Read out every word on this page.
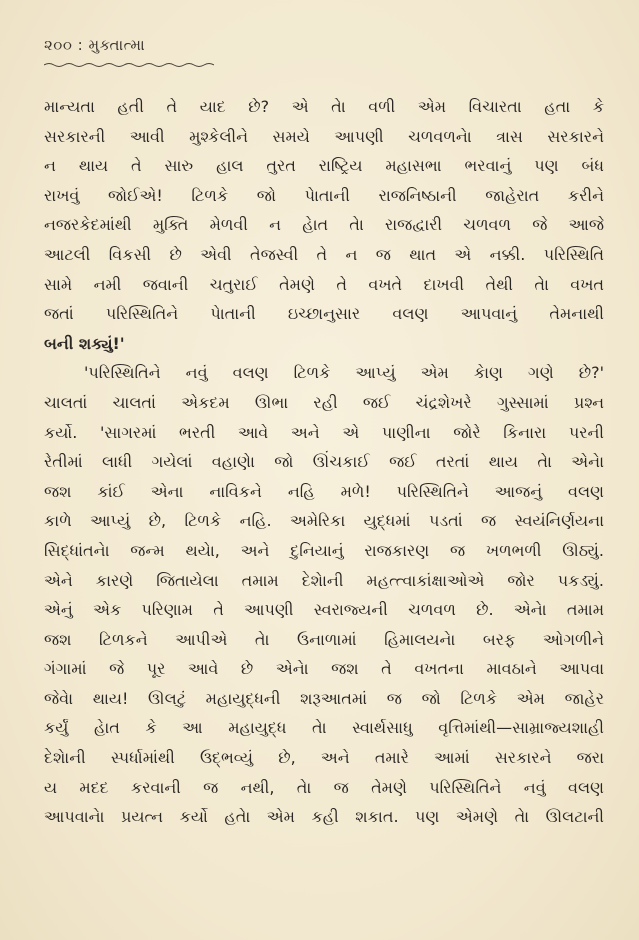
૨૦૦ : મુક્તાત્મા
માન્યતા હતી તે યાદ છે? એ તેા વળી એમ વિચારતા હતા કે
સરકારની આવી મુશ્કેલીને સમયે આપણી ચળવળનેા ત્રાસ સરકારને
ન થાય તે સારુ હાલ તુરત રાષ્ટ્રિય મહાસભા ભરવાનું પણ બંધ
રાખવું જોઈએ! ટિળકે જો પેાતાની રાજનિષ્ઠાની જાહેરાત કરીને
નજરકેદમાંથી મુક્તિ મેળવી ન હેાત તેા રાજદ્વારી ચળવળ જે આજે
આટલી વિકસી છે એવી તેજસ્વી તે ન જ થાત એ નક્કી. પરિસ્થિતિ
સામે નમી જવાની ચતુરાઈ તેમણે તે વખતે દાખવી તેથી તેા વખત
જતાં પરિસ્થિતિને પેાતાની ઇચ્છાનુસાર વલણ આપવાનું તેમનાથી
બની શક્યું!'
'પરિસ્થિતિને નવું વલણ ટિળકે આપ્યું એમ કેાણ ગણે છે?'
ચાલતાં ચાલતાં એકદમ ઊભા રહી જઈ ચંદ્રશેખરે ગુસ્સામાં પ્રશ્ન
કર્યો. 'સાગરમાં ભરતી આવે અને એ પાણીના જોરે કિનારા પરની
રેતીમાં લાધી ગયેલાં વહાણેા જો ઊંચકાઈ જઈ તરતાં થાય તેા એનેા
જશ કાંઈ એના નાવિકને નહિ મળે! પરિસ્થિતિને આજનું વલણ
કાળે આપ્યું છે, ટિળકે નહિ. અમેરિકા યુદ્ધમાં પડતાં જ સ્વયંનિર્ણયના
સિદ્ધાંતનેા જન્મ થયેા, અને દુનિયાનું રાજકારણ જ ખળભળી ઊઠ્યું.
એને કારણે જિતાયેલા તમામ દેશેાની મહત્ત્વાકાંક્ષાઓએ જોર પકડ્યું.
એનું એક પરિણામ તે આપણી સ્વરાજ્યની ચળવળ છે. એનેા તમામ
જશ ટિળકને આપીએ તેા ઉનાળામાં હિમાલયનેા બરફ ઓગળીને
ગંગામાં જે પૂર આવે છે એનેા જશ તે વખતના માવઠાને આપવા
જેવેા થાય! ઊલટું મહાયુદ્ધની શરૂઆતમાં જ જો ટિળકે એમ જાહેર
કર્યું હેાત કે આ મહાયુદ્ધ તેા સ્વાર્થસાધુ વૃત્તિમાંથી—સામ્રાજ્યશાહી
દેશેાની સ્પર્ધામાંથી ઉદ્ભવ્યું છે, અને તમારે આમાં સરકારને જરા
ય મદદ કરવાની જ નથી, તેા જ તેમણે પરિસ્થિતિને નવું વલણ
આપવાનેા પ્રયત્ન કર્યો હતેા એમ કહી શકાત. પણ એમણે તેા ઊલટાની
